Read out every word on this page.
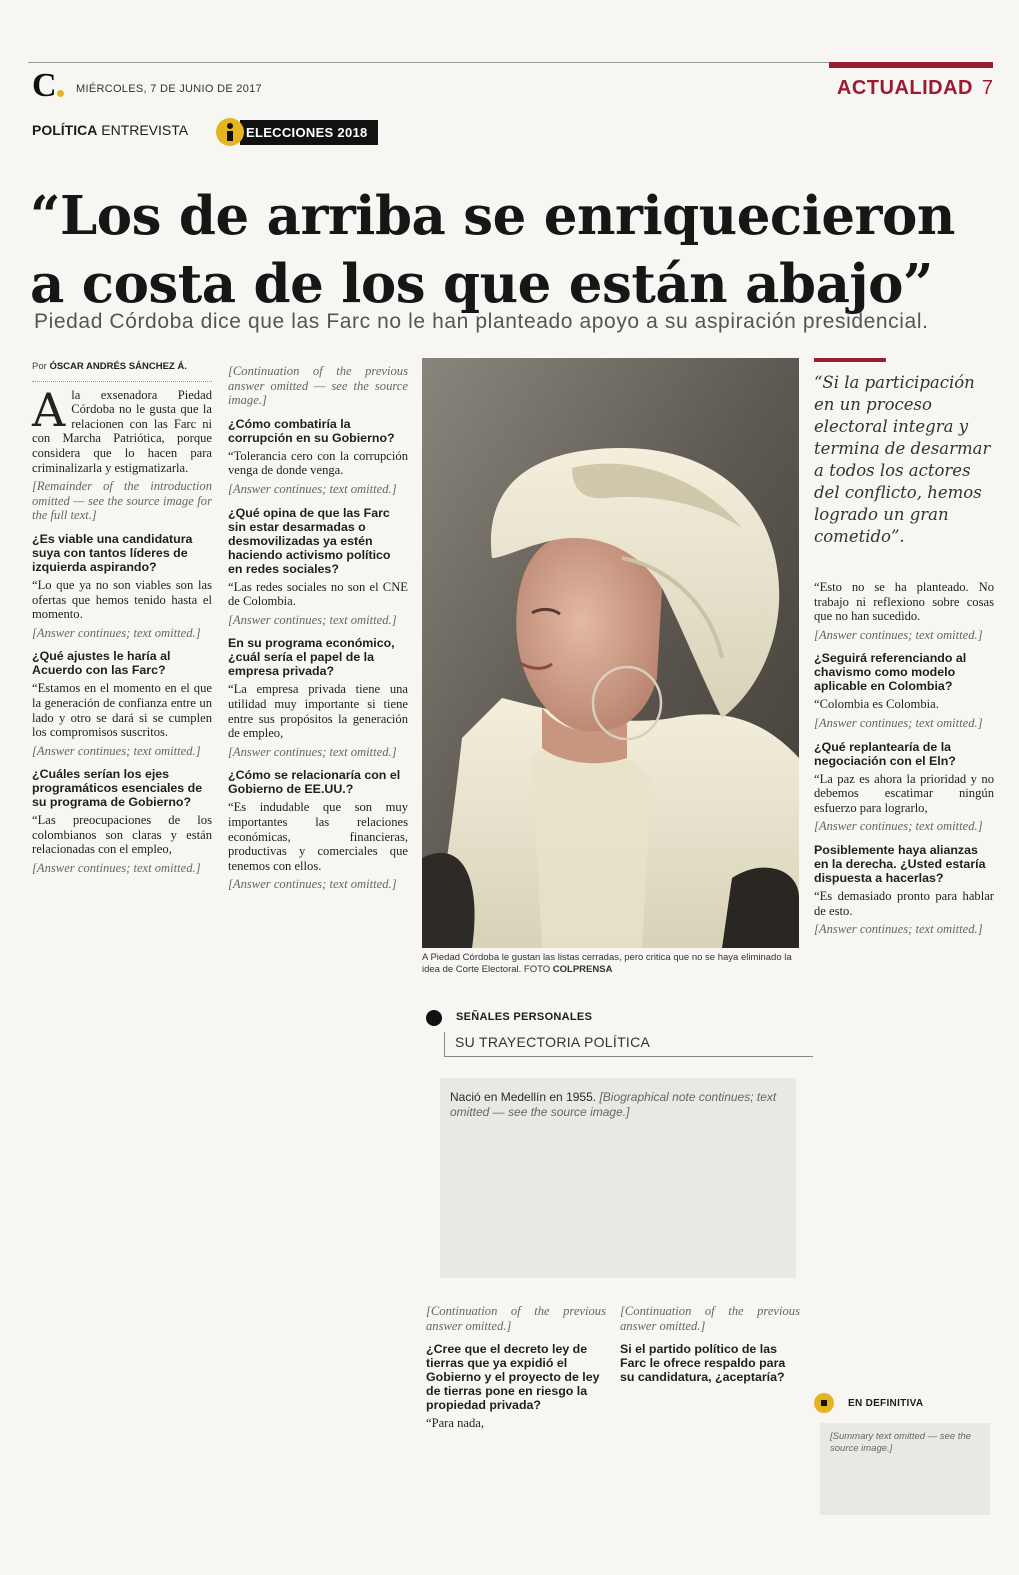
C MIÉRCOLES, 7 DE JUNIO DE 2017	ACTUALIDAD 7
POLÍTICA ENTREVISTA	ELECCIONES 2018
“Los de arriba se enriquecieron a costa de los que están abajo”
Piedad Córdoba dice que las Farc no le han planteado apoyo a su aspiración presidencial.
Por ÓSCAR ANDRÉS SÁNCHEZ Á.

Ala exsenadora Piedad Córdoba no le gusta que la relacionen con las Farc ni con Marcha Patriótica, porque considera que lo hacen para criminalizarla y estigmatizarla.

[Remainder of the introduction omitted — see the source image for the full text.]

¿Es viable una candidatura suya con tantos líderes de izquierda aspirando?

“Lo que ya no son viables son las ofertas que hemos tenido hasta el momento.

[Answer continues; text omitted.]

¿Qué ajustes le haría al Acuerdo con las Farc?

“Estamos en el momento en el que la generación de confianza entre un lado y otro se dará si se cumplen los compromisos suscritos.

[Answer continues; text omitted.]

¿Cuáles serían los ejes programáticos esenciales de su programa de Gobierno?

“Las preocupaciones de los colombianos son claras y están relacionadas con el empleo,

[Answer continues; text omitted.]

[Continuation of the previous answer omitted — see the source image.]

¿Cómo combatiría la corrupción en su Gobierno?

“Tolerancia cero con la corrupción venga de donde venga.

[Answer continues; text omitted.]

¿Qué opina de que las Farc sin estar desarmadas o desmovilizadas ya estén haciendo activismo político en redes sociales?

“Las redes sociales no son el CNE de Colombia.

[Answer continues; text omitted.]

En su programa económico, ¿cuál sería el papel de la empresa privada?

“La empresa privada tiene una utilidad muy importante si tiene entre sus propósitos la generación de empleo,

[Answer continues; text omitted.]

¿Cómo se relacionaría con el Gobierno de EE.UU.?

“Es indudable que son muy importantes las relaciones económicas, financieras, productivas y comerciales que tenemos con ellos.

[Answer continues; text omitted.]

A Piedad Córdoba le gustan las listas cerradas, pero critica que no se haya eliminado la idea de Corte Electoral. FOTO COLPRENSA
“Si la participación en un proceso electoral integra y termina de desarmar a todos los actores del conflicto, hemos logrado un gran cometido”.

“Esto no se ha planteado. No trabajo ni reflexiono sobre cosas que no han sucedido.

[Answer continues; text omitted.]

¿Seguirá referenciando al chavismo como modelo aplicable en Colombia?

“Colombia es Colombia.

[Answer continues; text omitted.]

¿Qué replantearía de la negociación con el Eln?

“La paz es ahora la prioridad y no debemos escatimar ningún esfuerzo para lograrlo,

[Answer continues; text omitted.]

Posiblemente haya alianzas en la derecha. ¿Usted estaría dispuesta a hacerlas?

“Es demasiado pronto para hablar de esto.

[Answer continues; text omitted.]

SEÑALES PERSONALES
SU TRAYECTORIA POLÍTICA
Nació en Medellín en 1955. [Biographical note continues; text omitted — see the source image.]

[Continuation of the previous answer omitted.]

¿Cree que el decreto ley de tierras que ya expidió el Gobierno y el proyecto de ley de tierras pone en riesgo la propiedad privada?

“Para nada,

[Continuation of the previous answer omitted.]

Si el partido político de las Farc le ofrece respaldo para su candidatura, ¿aceptaría?
EN DEFINITIVA
[Summary text omitted — see the source image.]
